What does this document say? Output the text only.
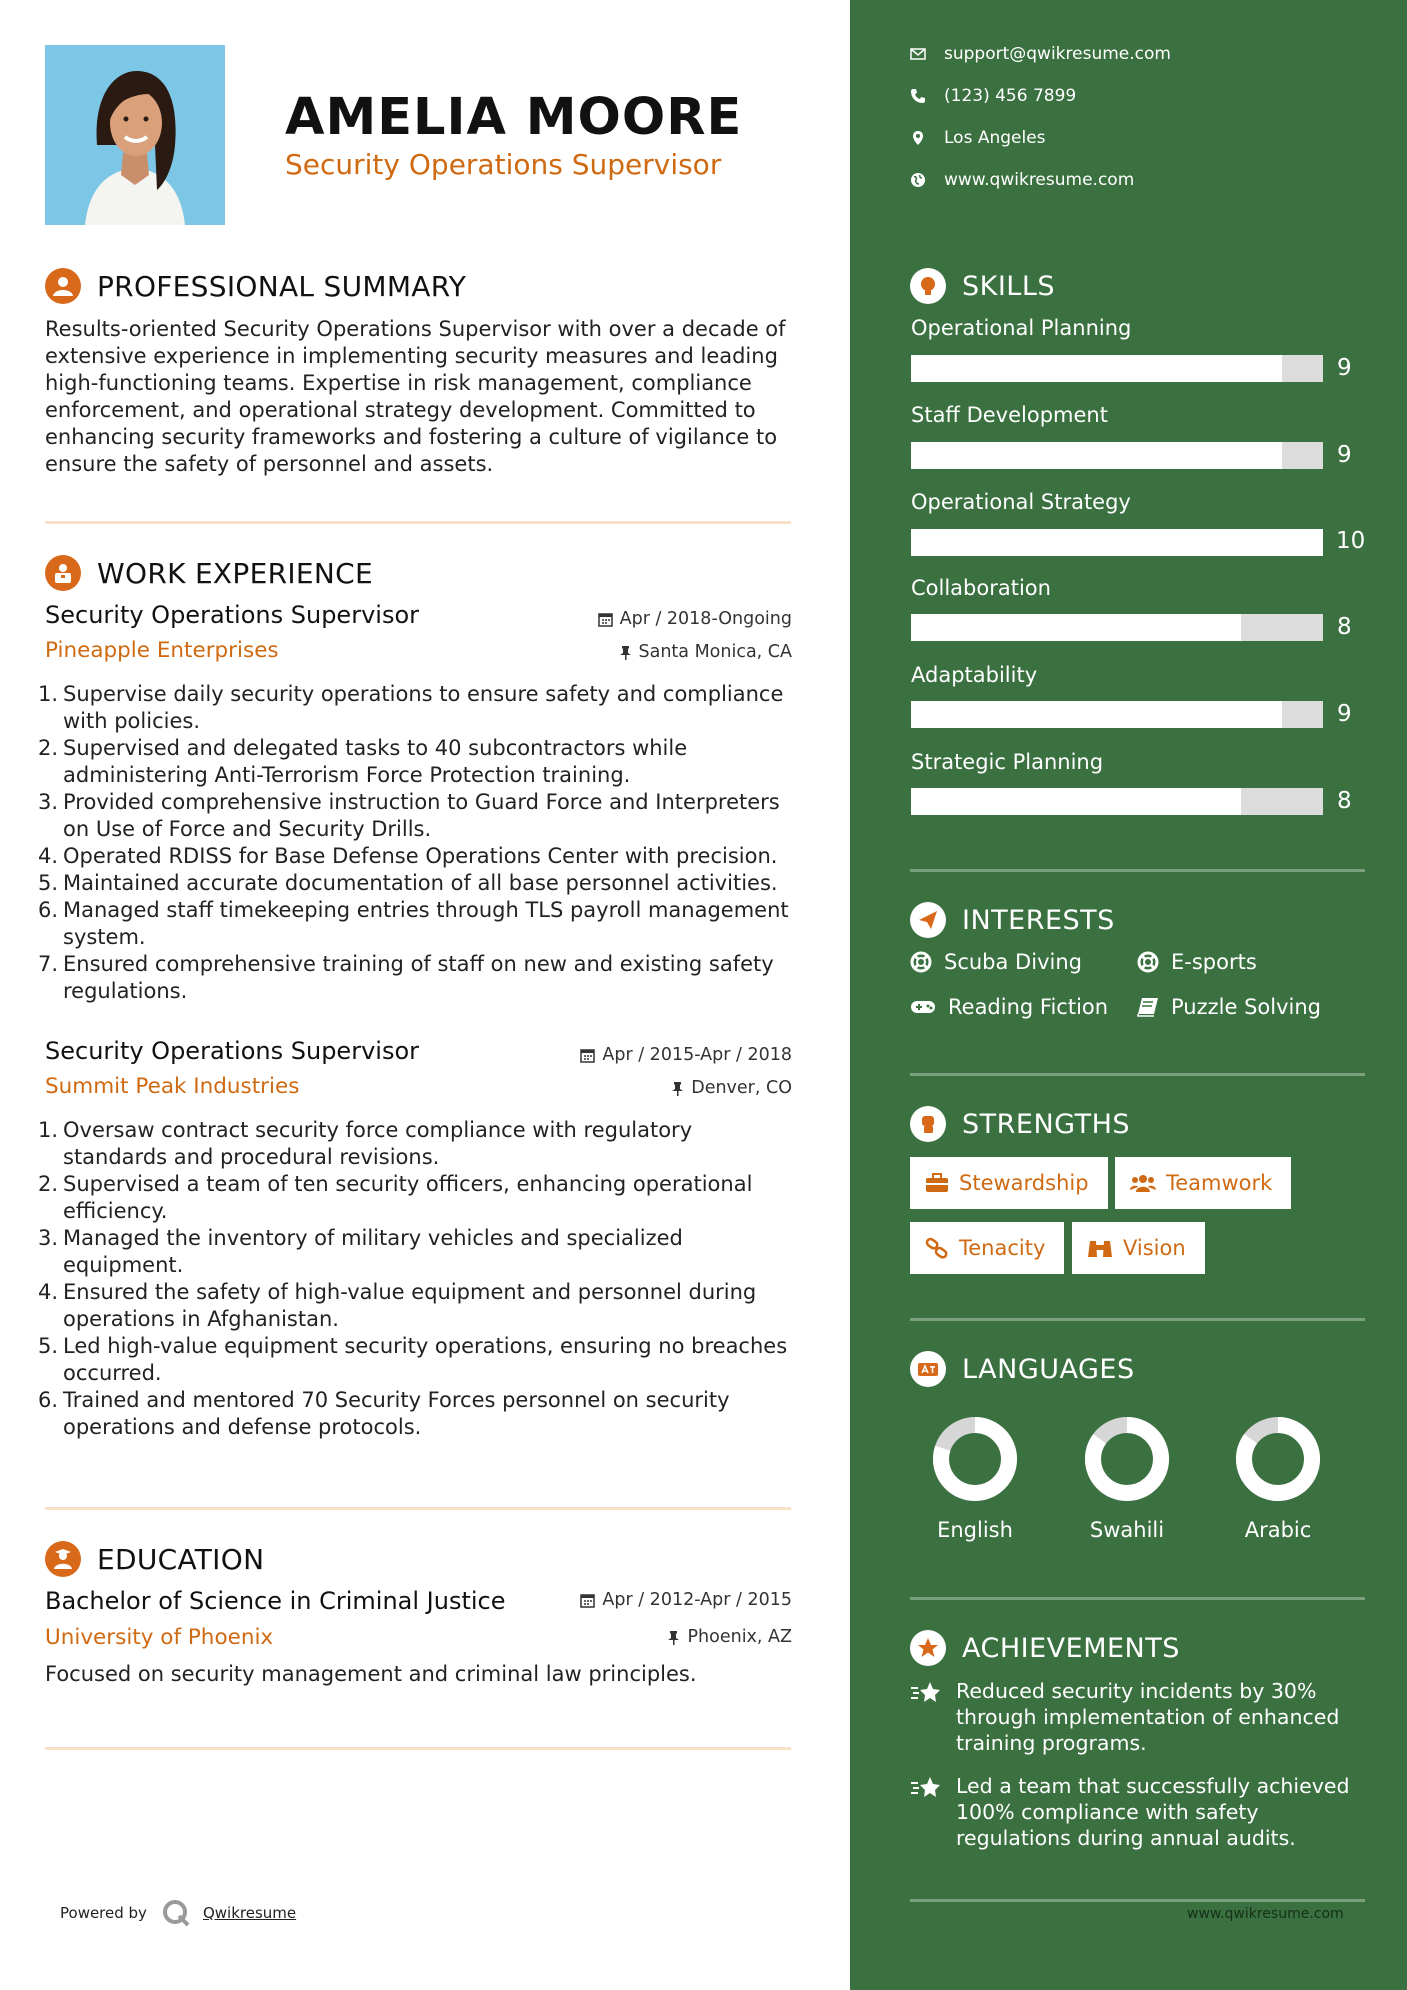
AMELIA MOORE
Security Operations Supervisor
PROFESSIONAL SUMMARY
Results-oriented Security Operations Supervisor with over a decade of extensive experience in implementing security measures and leading high-functioning teams. Expertise in risk management, compliance enforcement, and operational strategy development. Committed to enhancing security frameworks and fostering a culture of vigilance to ensure the safety of personnel and assets.
WORK EXPERIENCE
Security Operations Supervisor	Apr / 2018-Ongoing
Pineapple Enterprises	Santa Monica, CA
1. Supervise daily security operations to ensure safety and compliance with policies.
2. Supervised and delegated tasks to 40 subcontractors while administering Anti-Terrorism Force Protection training.
3. Provided comprehensive instruction to Guard Force and Interpreters on Use of Force and Security Drills.
4. Operated RDISS for Base Defense Operations Center with precision.
5. Maintained accurate documentation of all base personnel activities.
6. Managed staff timekeeping entries through TLS payroll management system.
7. Ensured comprehensive training of staff on new and existing safety regulations.
Security Operations Supervisor	Apr / 2015-Apr / 2018
Summit Peak Industries	Denver, CO
1. Oversaw contract security force compliance with regulatory standards and procedural revisions.
2. Supervised a team of ten security officers, enhancing operational efficiency.
3. Managed the inventory of military vehicles and specialized equipment.
4. Ensured the safety of high-value equipment and personnel during operations in Afghanistan.
5. Led high-value equipment security operations, ensuring no breaches occurred.
6. Trained and mentored 70 Security Forces personnel on security operations and defense protocols.
EDUCATION
Bachelor of Science in Criminal Justice	Apr / 2012-Apr / 2015
University of Phoenix	Phoenix, AZ
Focused on security management and criminal law principles.
Powered by	Qwikresume
support@qwikresume.com
(123) 456 7899
Los Angeles
www.qwikresume.com
SKILLS
Operational Planning
9
Staff Development
9
Operational Strategy
10
Collaboration
8
Adaptability
9
Strategic Planning
8
INTERESTS
Scuba Diving	E-sports
Reading Fiction	Puzzle Solving
STRENGTHS
Stewardship	Teamwork
Tenacity	Vision
LANGUAGES
English	Swahili	Arabic
ACHIEVEMENTS
Reduced security incidents by 30% through implementation of enhanced training programs.
Led a team that successfully achieved 100% compliance with safety regulations during annual audits.
www.qwikresume.com
